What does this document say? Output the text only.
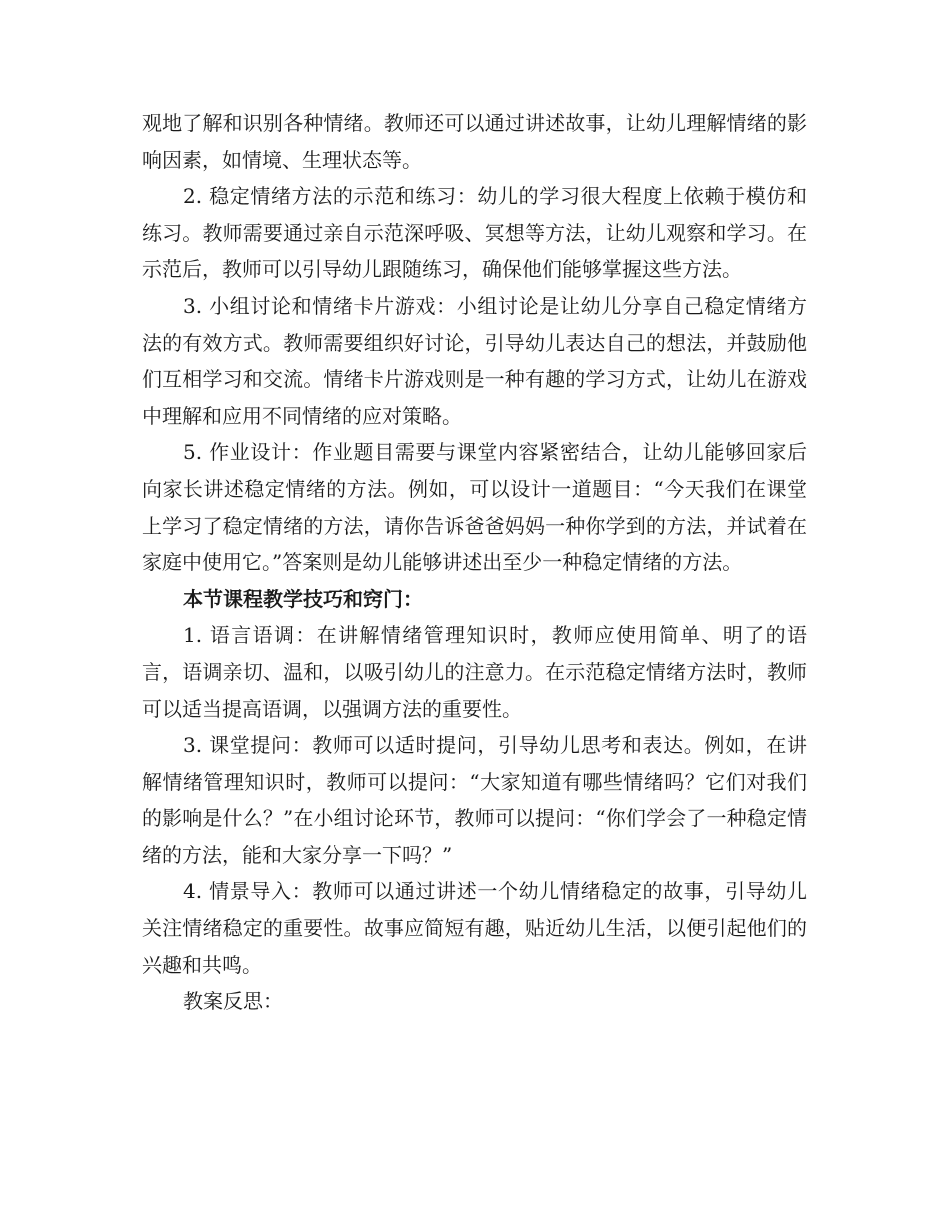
观地了解和识别各种情绪。教师还可以通过讲述故事，让幼儿理解情绪的影响因素，如情境、生理状态等。

2. 稳定情绪方法的示范和练习：幼儿的学习很大程度上依赖于模仿和练习。教师需要通过亲自示范深呼吸、冥想等方法，让幼儿观察和学习。在示范后，教师可以引导幼儿跟随练习，确保他们能够掌握这些方法。

3. 小组讨论和情绪卡片游戏：小组讨论是让幼儿分享自己稳定情绪方法的有效方式。教师需要组织好讨论，引导幼儿表达自己的想法，并鼓励他们互相学习和交流。情绪卡片游戏则是一种有趣的学习方式，让幼儿在游戏中理解和应用不同情绪的应对策略。

5. 作业设计：作业题目需要与课堂内容紧密结合，让幼儿能够回家后向家长讲述稳定情绪的方法。例如，可以设计一道题目：“今天我们在课堂上学习了稳定情绪的方法，请你告诉爸爸妈妈一种你学到的方法，并试着在家庭中使用它。”答案则是幼儿能够讲述出至少一种稳定情绪的方法。

本节课程教学技巧和窍门：

1. 语言语调：在讲解情绪管理知识时，教师应使用简单、明了的语言，语调亲切、温和，以吸引幼儿的注意力。在示范稳定情绪方法时，教师可以适当提高语调，以强调方法的重要性。

3. 课堂提问：教师可以适时提问，引导幼儿思考和表达。例如，在讲解情绪管理知识时，教师可以提问：“大家知道有哪些情绪吗？它们对我们的影响是什么？”在小组讨论环节，教师可以提问：“你们学会了一种稳定情绪的方法，能和大家分享一下吗？”

4. 情景导入：教师可以通过讲述一个幼儿情绪稳定的故事，引导幼儿关注情绪稳定的重要性。故事应简短有趣，贴近幼儿生活，以便引起他们的兴趣和共鸣。

教案反思：
